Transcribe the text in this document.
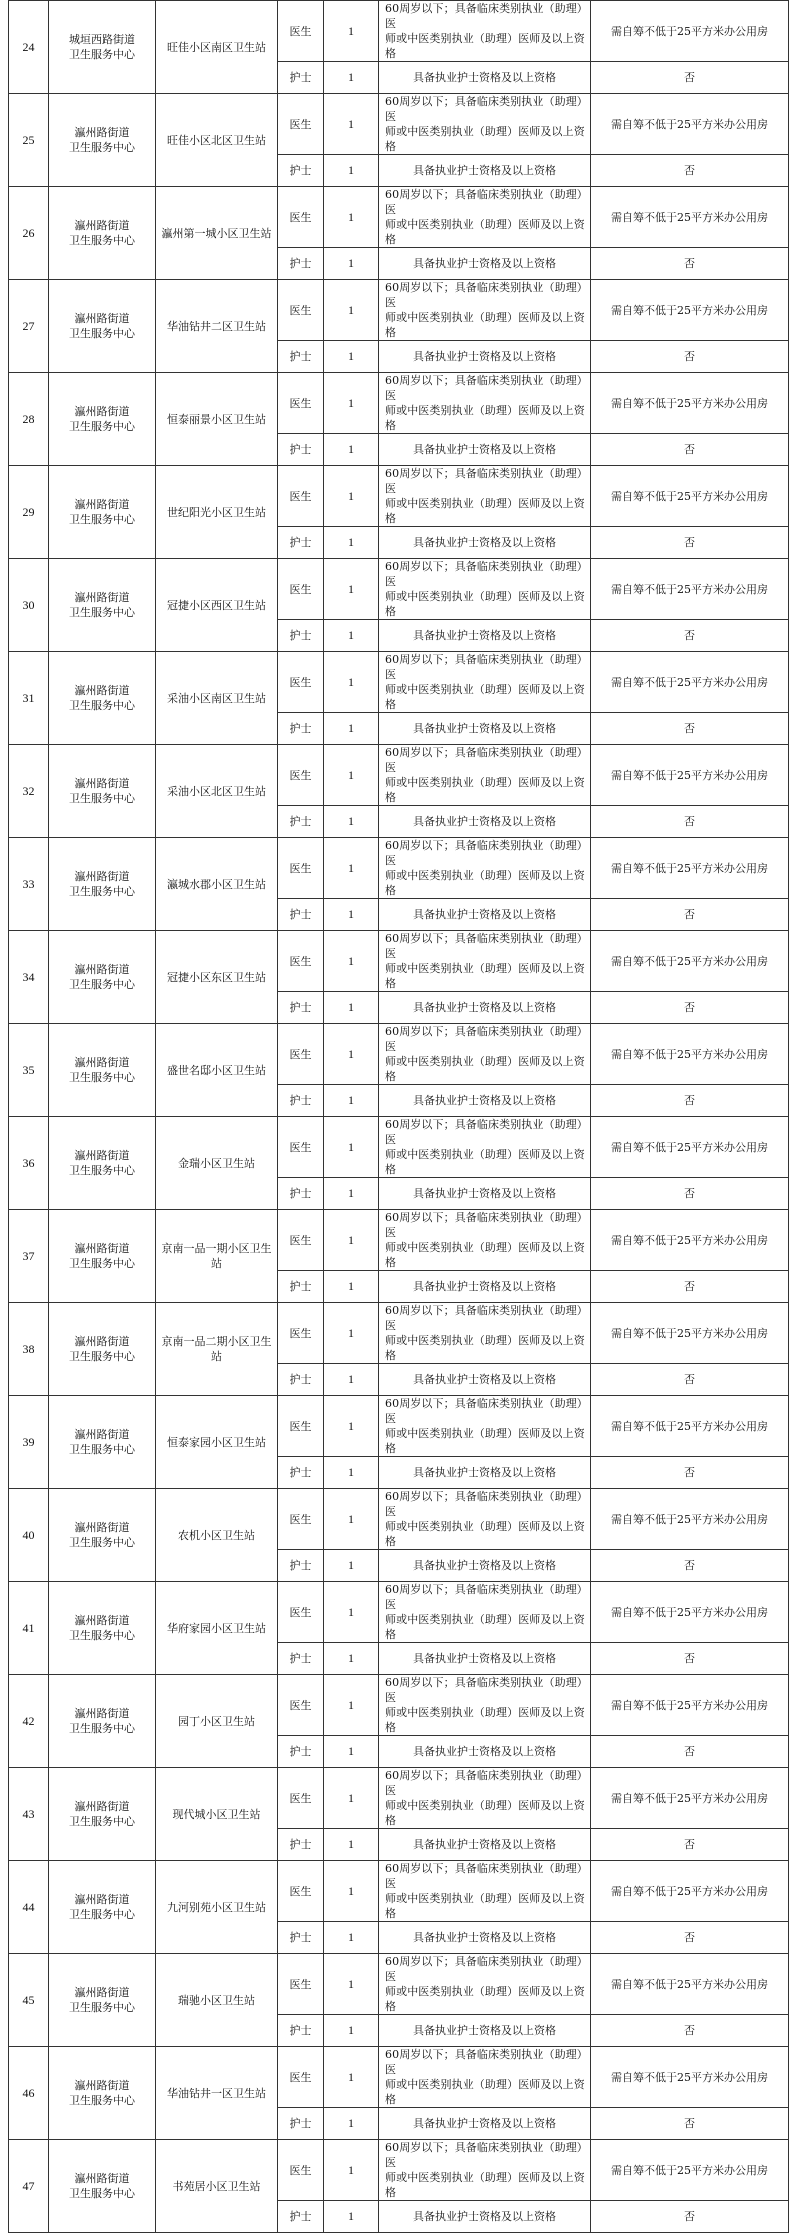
24	城垣西路街道
卫生服务中心	旺佳小区南区卫生站	医生	1	60周岁以下；具备临床类别执业（助理）医
师或中医类别执业（助理）医师及以上资格	需自筹不低于25平方米办公用房
			护士	1	具备执业护士资格及以上资格	否
25	瀛州路街道
卫生服务中心	旺佳小区北区卫生站	医生	1	60周岁以下；具备临床类别执业（助理）医
师或中医类别执业（助理）医师及以上资格	需自筹不低于25平方米办公用房
			护士	1	具备执业护士资格及以上资格	否
26	瀛州路街道
卫生服务中心	瀛州第一城小区卫生站	医生	1	60周岁以下；具备临床类别执业（助理）医
师或中医类别执业（助理）医师及以上资格	需自筹不低于25平方米办公用房
			护士	1	具备执业护士资格及以上资格	否
27	瀛州路街道
卫生服务中心	华油钻井二区卫生站	医生	1	60周岁以下；具备临床类别执业（助理）医
师或中医类别执业（助理）医师及以上资格	需自筹不低于25平方米办公用房
			护士	1	具备执业护士资格及以上资格	否
28	瀛州路街道
卫生服务中心	恒泰丽景小区卫生站	医生	1	60周岁以下；具备临床类别执业（助理）医
师或中医类别执业（助理）医师及以上资格	需自筹不低于25平方米办公用房
			护士	1	具备执业护士资格及以上资格	否
29	瀛州路街道
卫生服务中心	世纪阳光小区卫生站	医生	1	60周岁以下；具备临床类别执业（助理）医
师或中医类别执业（助理）医师及以上资格	需自筹不低于25平方米办公用房
			护士	1	具备执业护士资格及以上资格	否
30	瀛州路街道
卫生服务中心	冠捷小区西区卫生站	医生	1	60周岁以下；具备临床类别执业（助理）医
师或中医类别执业（助理）医师及以上资格	需自筹不低于25平方米办公用房
			护士	1	具备执业护士资格及以上资格	否
31	瀛州路街道
卫生服务中心	采油小区南区卫生站	医生	1	60周岁以下；具备临床类别执业（助理）医
师或中医类别执业（助理）医师及以上资格	需自筹不低于25平方米办公用房
			护士	1	具备执业护士资格及以上资格	否
32	瀛州路街道
卫生服务中心	采油小区北区卫生站	医生	1	60周岁以下；具备临床类别执业（助理）医
师或中医类别执业（助理）医师及以上资格	需自筹不低于25平方米办公用房
			护士	1	具备执业护士资格及以上资格	否
33	瀛州路街道
卫生服务中心	瀛城水郡小区卫生站	医生	1	60周岁以下；具备临床类别执业（助理）医
师或中医类别执业（助理）医师及以上资格	需自筹不低于25平方米办公用房
			护士	1	具备执业护士资格及以上资格	否
34	瀛州路街道
卫生服务中心	冠捷小区东区卫生站	医生	1	60周岁以下；具备临床类别执业（助理）医
师或中医类别执业（助理）医师及以上资格	需自筹不低于25平方米办公用房
			护士	1	具备执业护士资格及以上资格	否
35	瀛州路街道
卫生服务中心	盛世名邸小区卫生站	医生	1	60周岁以下；具备临床类别执业（助理）医
师或中医类别执业（助理）医师及以上资格	需自筹不低于25平方米办公用房
			护士	1	具备执业护士资格及以上资格	否
36	瀛州路街道
卫生服务中心	金瑞小区卫生站	医生	1	60周岁以下；具备临床类别执业（助理）医
师或中医类别执业（助理）医师及以上资格	需自筹不低于25平方米办公用房
			护士	1	具备执业护士资格及以上资格	否
37	瀛州路街道
卫生服务中心	京南一品一期小区卫生
站	医生	1	60周岁以下；具备临床类别执业（助理）医
师或中医类别执业（助理）医师及以上资格	需自筹不低于25平方米办公用房
			护士	1	具备执业护士资格及以上资格	否
38	瀛州路街道
卫生服务中心	京南一品二期小区卫生
站	医生	1	60周岁以下；具备临床类别执业（助理）医
师或中医类别执业（助理）医师及以上资格	需自筹不低于25平方米办公用房
			护士	1	具备执业护士资格及以上资格	否
39	瀛州路街道
卫生服务中心	恒泰家园小区卫生站	医生	1	60周岁以下；具备临床类别执业（助理）医
师或中医类别执业（助理）医师及以上资格	需自筹不低于25平方米办公用房
			护士	1	具备执业护士资格及以上资格	否
40	瀛州路街道
卫生服务中心	农机小区卫生站	医生	1	60周岁以下；具备临床类别执业（助理）医
师或中医类别执业（助理）医师及以上资格	需自筹不低于25平方米办公用房
			护士	1	具备执业护士资格及以上资格	否
41	瀛州路街道
卫生服务中心	华府家园小区卫生站	医生	1	60周岁以下；具备临床类别执业（助理）医
师或中医类别执业（助理）医师及以上资格	需自筹不低于25平方米办公用房
			护士	1	具备执业护士资格及以上资格	否
42	瀛州路街道
卫生服务中心	园丁小区卫生站	医生	1	60周岁以下；具备临床类别执业（助理）医
师或中医类别执业（助理）医师及以上资格	需自筹不低于25平方米办公用房
			护士	1	具备执业护士资格及以上资格	否
43	瀛州路街道
卫生服务中心	现代城小区卫生站	医生	1	60周岁以下；具备临床类别执业（助理）医
师或中医类别执业（助理）医师及以上资格	需自筹不低于25平方米办公用房
			护士	1	具备执业护士资格及以上资格	否
44	瀛州路街道
卫生服务中心	九河别苑小区卫生站	医生	1	60周岁以下；具备临床类别执业（助理）医
师或中医类别执业（助理）医师及以上资格	需自筹不低于25平方米办公用房
			护士	1	具备执业护士资格及以上资格	否
45	瀛州路街道
卫生服务中心	瑞驰小区卫生站	医生	1	60周岁以下；具备临床类别执业（助理）医
师或中医类别执业（助理）医师及以上资格	需自筹不低于25平方米办公用房
			护士	1	具备执业护士资格及以上资格	否
46	瀛州路街道
卫生服务中心	华油钻井一区卫生站	医生	1	60周岁以下；具备临床类别执业（助理）医
师或中医类别执业（助理）医师及以上资格	需自筹不低于25平方米办公用房
			护士	1	具备执业护士资格及以上资格	否
47	瀛州路街道
卫生服务中心	书苑居小区卫生站	医生	1	60周岁以下；具备临床类别执业（助理）医
师或中医类别执业（助理）医师及以上资格	需自筹不低于25平方米办公用房
			护士	1	具备执业护士资格及以上资格	否
